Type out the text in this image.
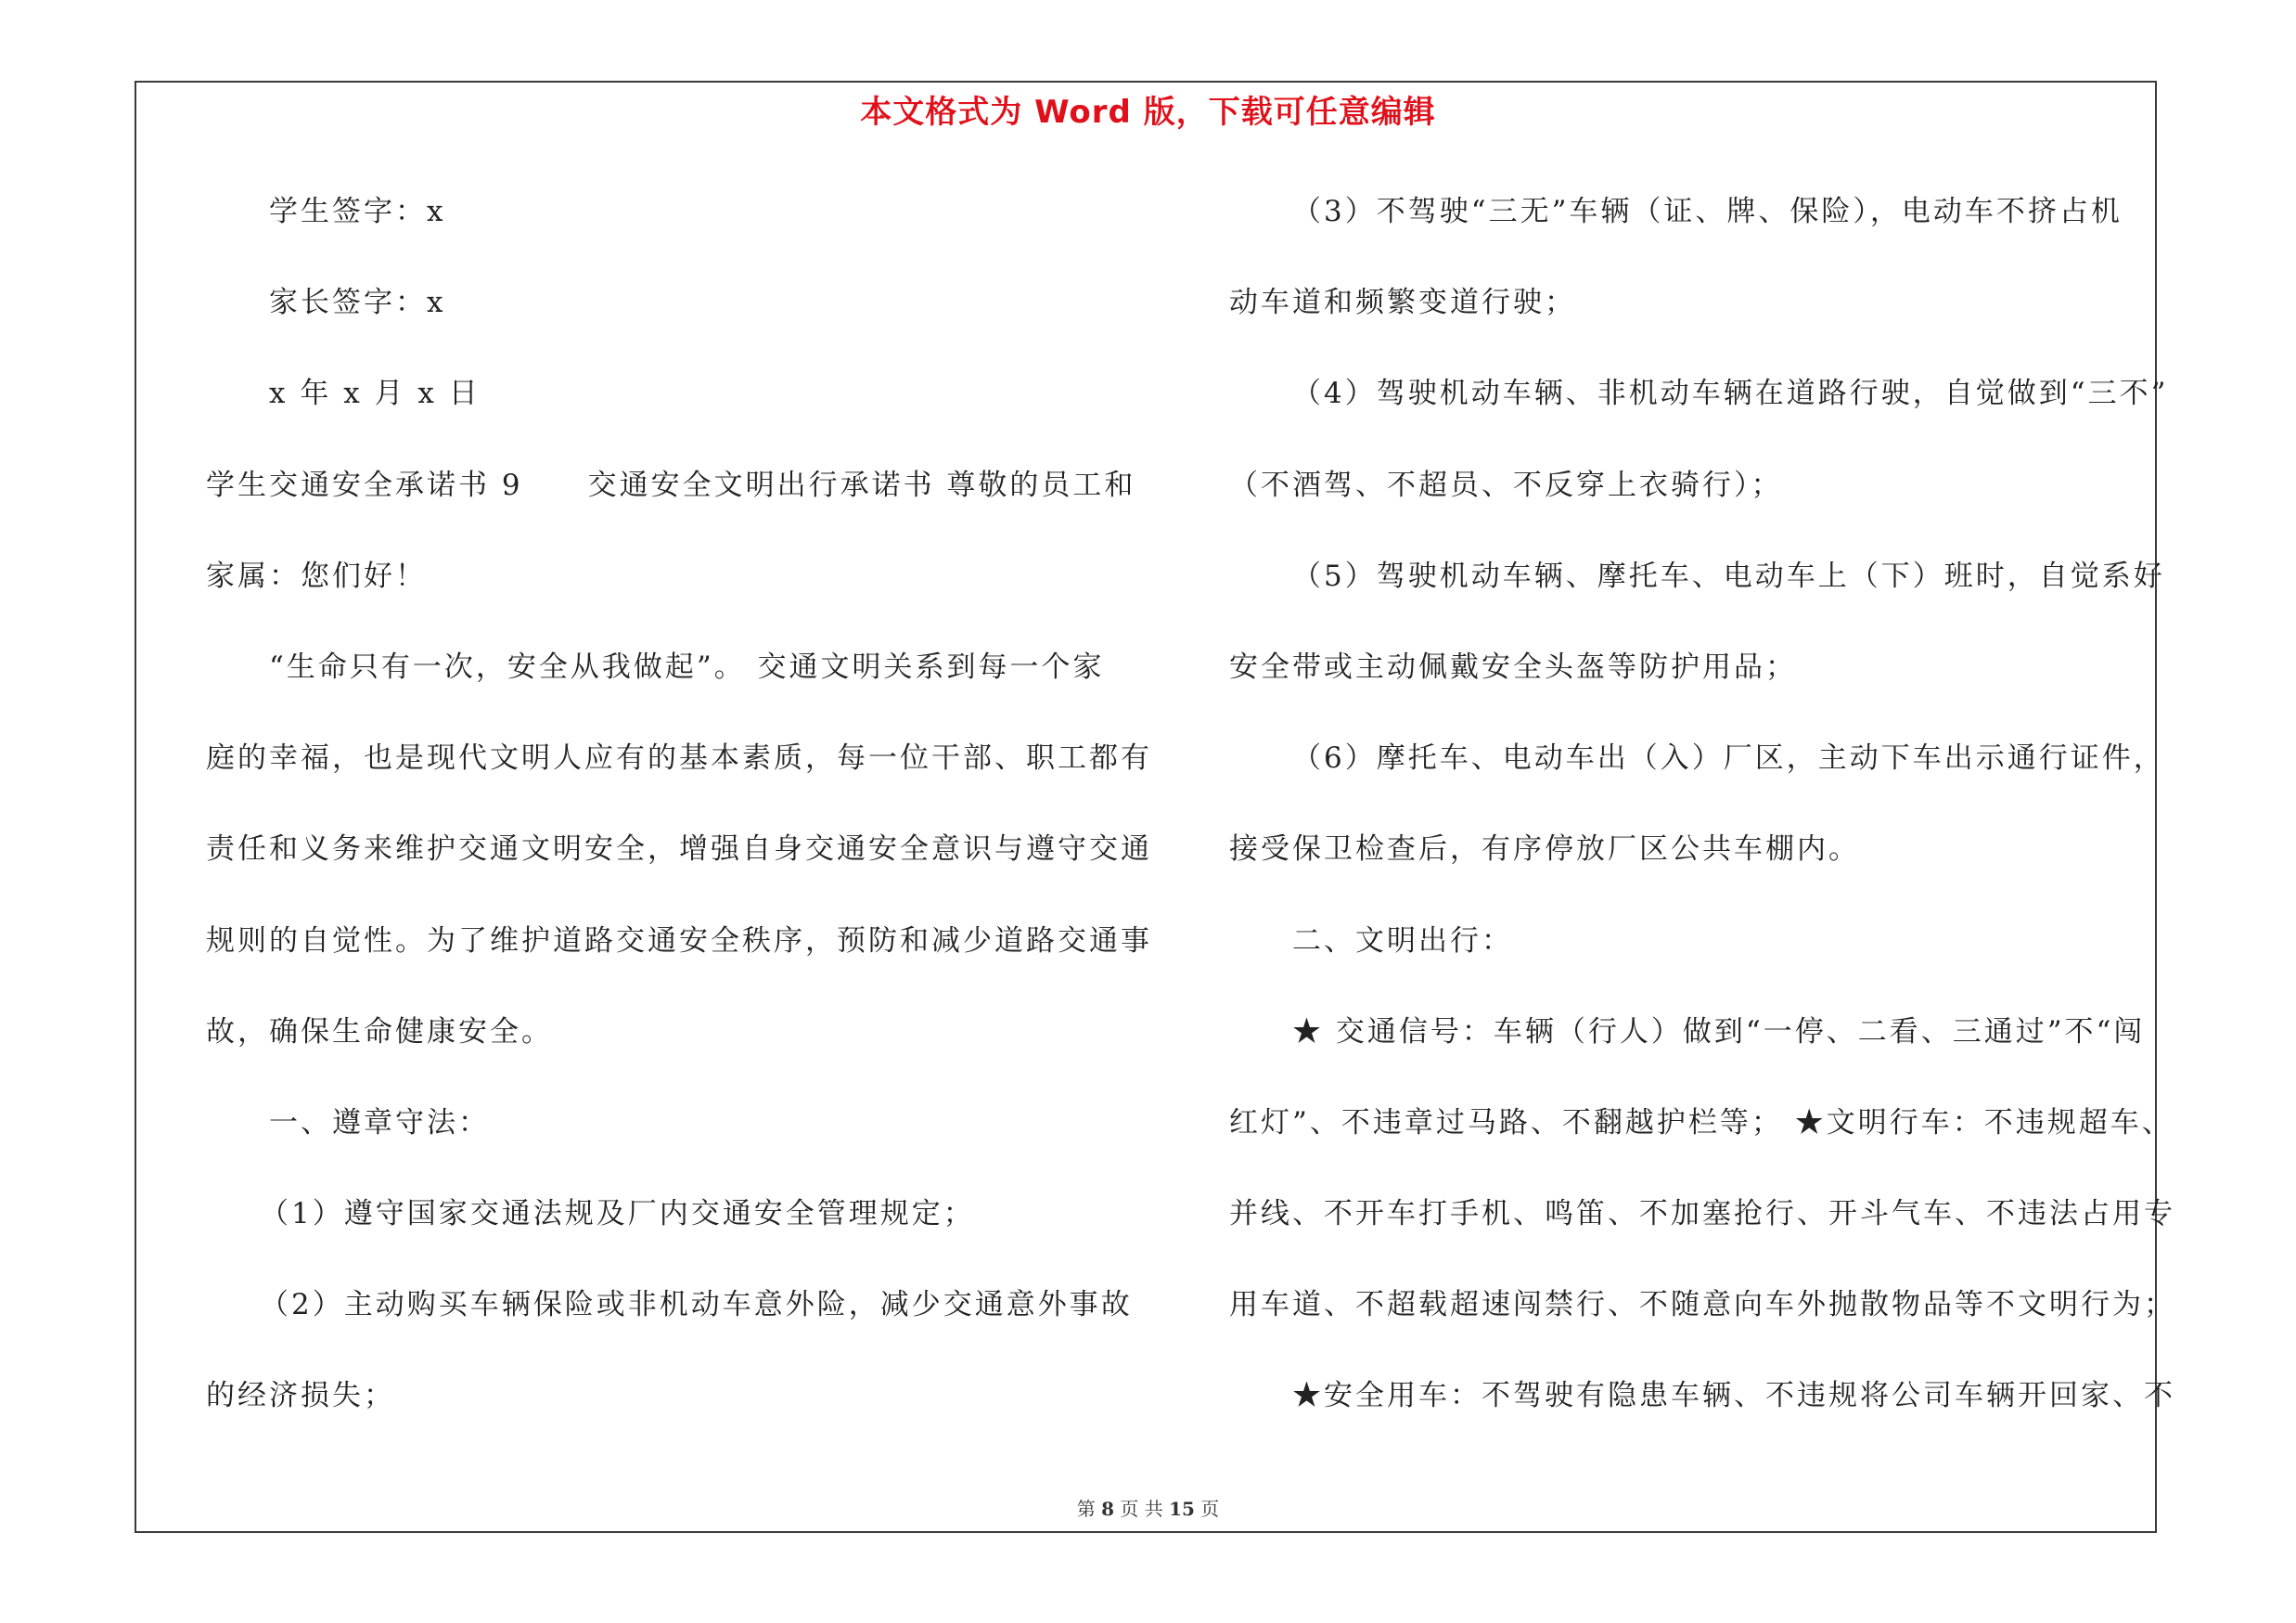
本文格式为 Word 版，下载可任意编辑
学生签字：x
家长签字：x
x 年 x 月 x 日
学生交通安全承诺书 9 交通安全文明出行承诺书 尊敬的员工和
家属：您们好！
“生命只有一次，安全从我做起”。 交通文明关系到每一个家
庭的幸福，也是现代文明人应有的基本素质，每一位干部、职工都有
责任和义务来维护交通文明安全，增强自身交通安全意识与遵守交通
规则的自觉性。为了维护道路交通安全秩序，预防和减少道路交通事
故，确保生命健康安全。
一、遵章守法：
（1）遵守国家交通法规及厂内交通安全管理规定；
（2）主动购买车辆保险或非机动车意外险，减少交通意外事故
的经济损失；
（3）不驾驶“三无”车辆（证、牌、保险），电动车不挤占机
动车道和频繁变道行驶；
（4）驾驶机动车辆、非机动车辆在道路行驶，自觉做到“三不”
（不酒驾、不超员、不反穿上衣骑行）；
（5）驾驶机动车辆、摩托车、电动车上（下）班时，自觉系好
安全带或主动佩戴安全头盔等防护用品；
（6）摩托车、电动车出（入）厂区，主动下车出示通行证件，
接受保卫检查后，有序停放厂区公共车棚内。
二、文明出行：
★ 交通信号：车辆（行人）做到“一停、二看、三通过”不“闯
红灯”、不违章过马路、不翻越护栏等； ★文明行车：不违规超车、
并线、不开车打手机、鸣笛、不加塞抢行、开斗气车、不违法占用专
用车道、不超载超速闯禁行、不随意向车外抛散物品等不文明行为；
★安全用车：不驾驶有隐患车辆、不违规将公司车辆开回家、不
第 8 页 共 15 页
